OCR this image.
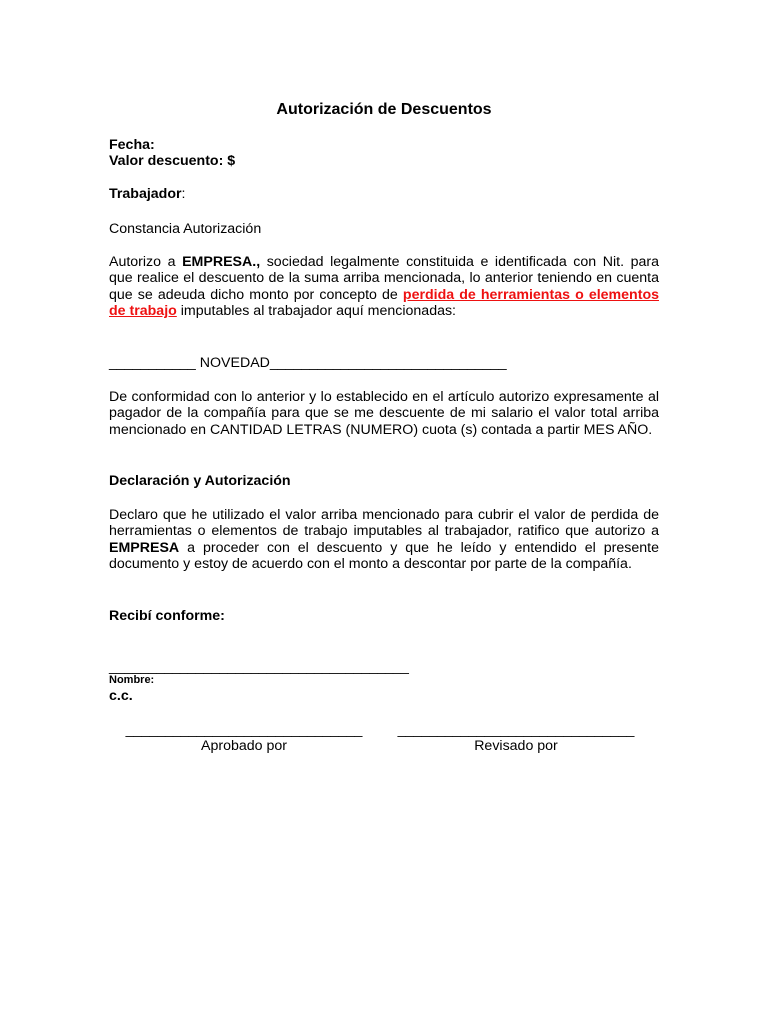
Autorización de Descuentos
Fecha:
Valor descuento: $
Trabajador:
Constancia Autorización
Autorizo a EMPRESA., sociedad legalmente constituida e identificada con Nit. para que realice el descuento de la suma arriba mencionada, lo anterior teniendo en cuenta que se adeuda dicho monto por concepto de perdida de herramientas o elementos de trabajo imputables al trabajador aquí mencionadas:
___________ NOVEDAD______________________________
De conformidad con lo anterior y lo establecido en el artículo autorizo expresamente al pagador de la compañía para que se me descuente de mi salario el valor total arriba mencionado en CANTIDAD LETRAS (NUMERO) cuota (s) contada a partir MES AÑO.
Declaración y Autorización
Declaro que he utilizado el valor arriba mencionado para cubrir el valor de perdida de herramientas o elementos de trabajo imputables al trabajador, ratifico que autorizo a EMPRESA a proceder con el descuento y que he leído y entendido el presente documento y estoy de acuerdo con el monto a descontar por parte de la compañía.
Recibí conforme:
______________________________________
Nombre:
c.c.
______________________________
Aprobado por
______________________________
Revisado por
